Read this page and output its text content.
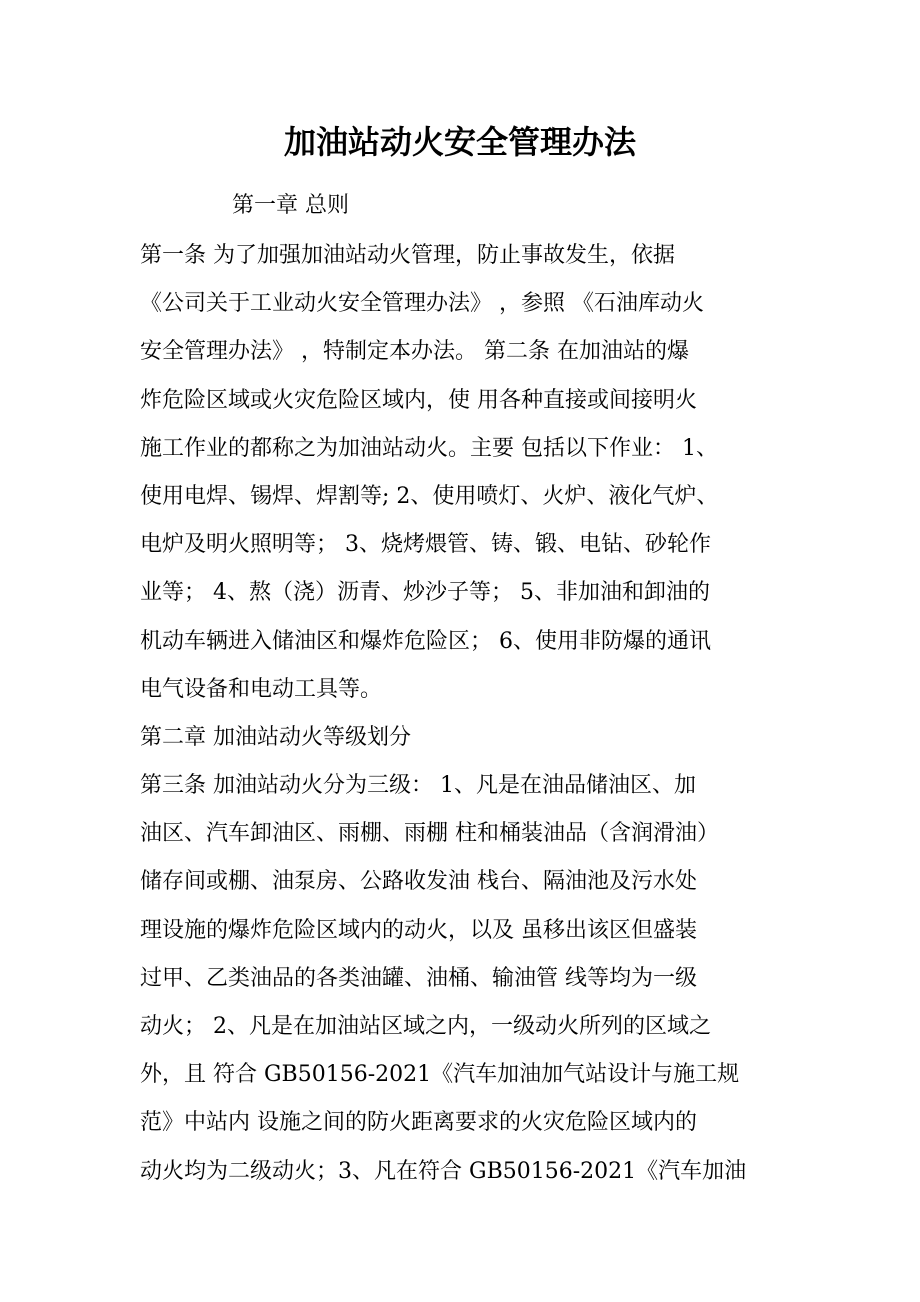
加油站动火安全管理办法
第一章 总则
第一条 为了加强加油站动火管理，防止事故发生，依据
《公司关于工业动火安全管理办法》 ，参照 《石油库动火
安全管理办法》 ，特制定本办法。 第二条 在加油站的爆
炸危险区域或火灾危险区域内，使 用各种直接或间接明火
施工作业的都称之为加油站动火。主要 包括以下作业： 1、
使用电焊、锡焊、焊割等; 2、使用喷灯、火炉、液化气炉、
电炉及明火照明等； 3、烧烤煨管、铸、锻、电钻、砂轮作
业等； 4、熬（浇）沥青、炒沙子等； 5、非加油和卸油的
机动车辆进入储油区和爆炸危险区； 6、使用非防爆的通讯
电气设备和电动工具等。
第二章 加油站动火等级划分
第三条 加油站动火分为三级： 1、凡是在油品储油区、加
油区、汽车卸油区、雨棚、雨棚 柱和桶装油品（含润滑油）
储存间或棚、油泵房、公路收发油 栈台、隔油池及污水处
理设施的爆炸危险区域内的动火，以及 虽移出该区但盛装
过甲、乙类油品的各类油罐、油桶、输油管 线等均为一级
动火； 2、凡是在加油站区域之内，一级动火所列的区域之
外，且 符合 GB50156-2021《汽车加油加气站设计与施工规
范》中站内 设施之间的防火距离要求的火灾危险区域内的
动火均为二级动火；3、凡在符合 GB50156-2021《汽车加油
